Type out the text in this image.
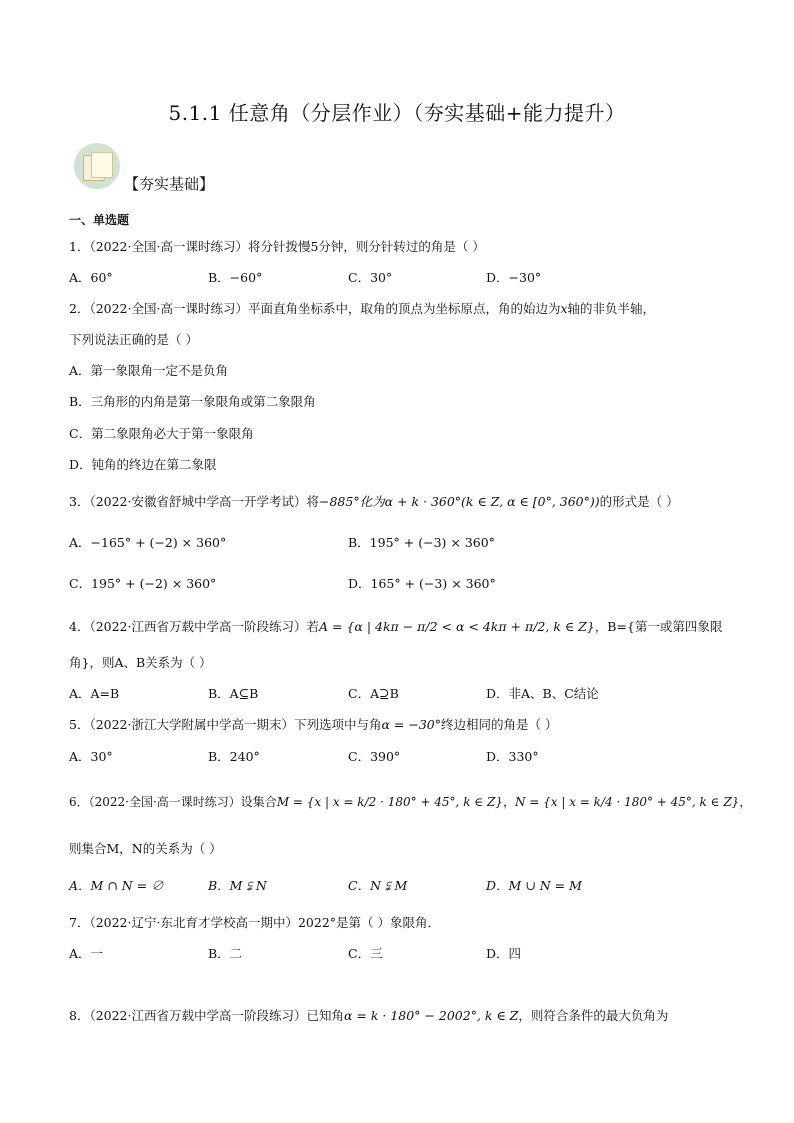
5.1.1 任意角（分层作业）（夯实基础+能力提升）
【夯实基础】
一、单选题
1．（2022·全国·高一课时练习）将分针拨慢5分钟，则分针转过的角是（ ）
A．60°	B．−60°	C．30°	D．−30°
2．（2022·全国·高一课时练习）平面直角坐标系中，取角的顶点为坐标原点，角的始边为x轴的非负半轴，
下列说法正确的是（ ）
A．第一象限角一定不是负角
B．三角形的内角是第一象限角或第二象限角
C．第二象限角必大于第一象限角
D．钝角的终边在第二象限
3．（2022·安徽省舒城中学高一开学考试）将−885°化为α + k · 360°(k ∈ Z, α ∈ [0°, 360°))的形式是（ ）
A．−165° + (−2) × 360°	B．195° + (−3) × 360°
C．195° + (−2) × 360°	D．165° + (−3) × 360°
4．（2022·江西省万载中学高一阶段练习）若A = {α | 4kπ − π/2 < α < 4kπ + π/2, k ∈ Z}，B={第一或第四象限
角}，则A、B关系为（ ）
A．A=B	B．A⊆B	C．A⊇B	D．非A、B、C结论
5．（2022·浙江大学附属中学高一期末）下列选项中与角α = −30°终边相同的角是（ ）
A．30°	B．240°	C．390°	D．330°
6．（2022·全国·高一课时练习）设集合M = {x | x = k/2 · 180° + 45°, k ∈ Z}，N = {x | x = k/4 · 180° + 45°, k ∈ Z}，
则集合M，N的关系为（ ）
A．M ∩ N = ∅	B．M ⫋ N	C．N ⫋ M	D．M ∪ N = M
7．（2022·辽宁·东北育才学校高一期中）2022°是第（ ）象限角．
A．一	B．二	C．三	D．四
8．（2022·江西省万载中学高一阶段练习）已知角α = k · 180° − 2002°, k ∈ Z，则符合条件的最大负角为
